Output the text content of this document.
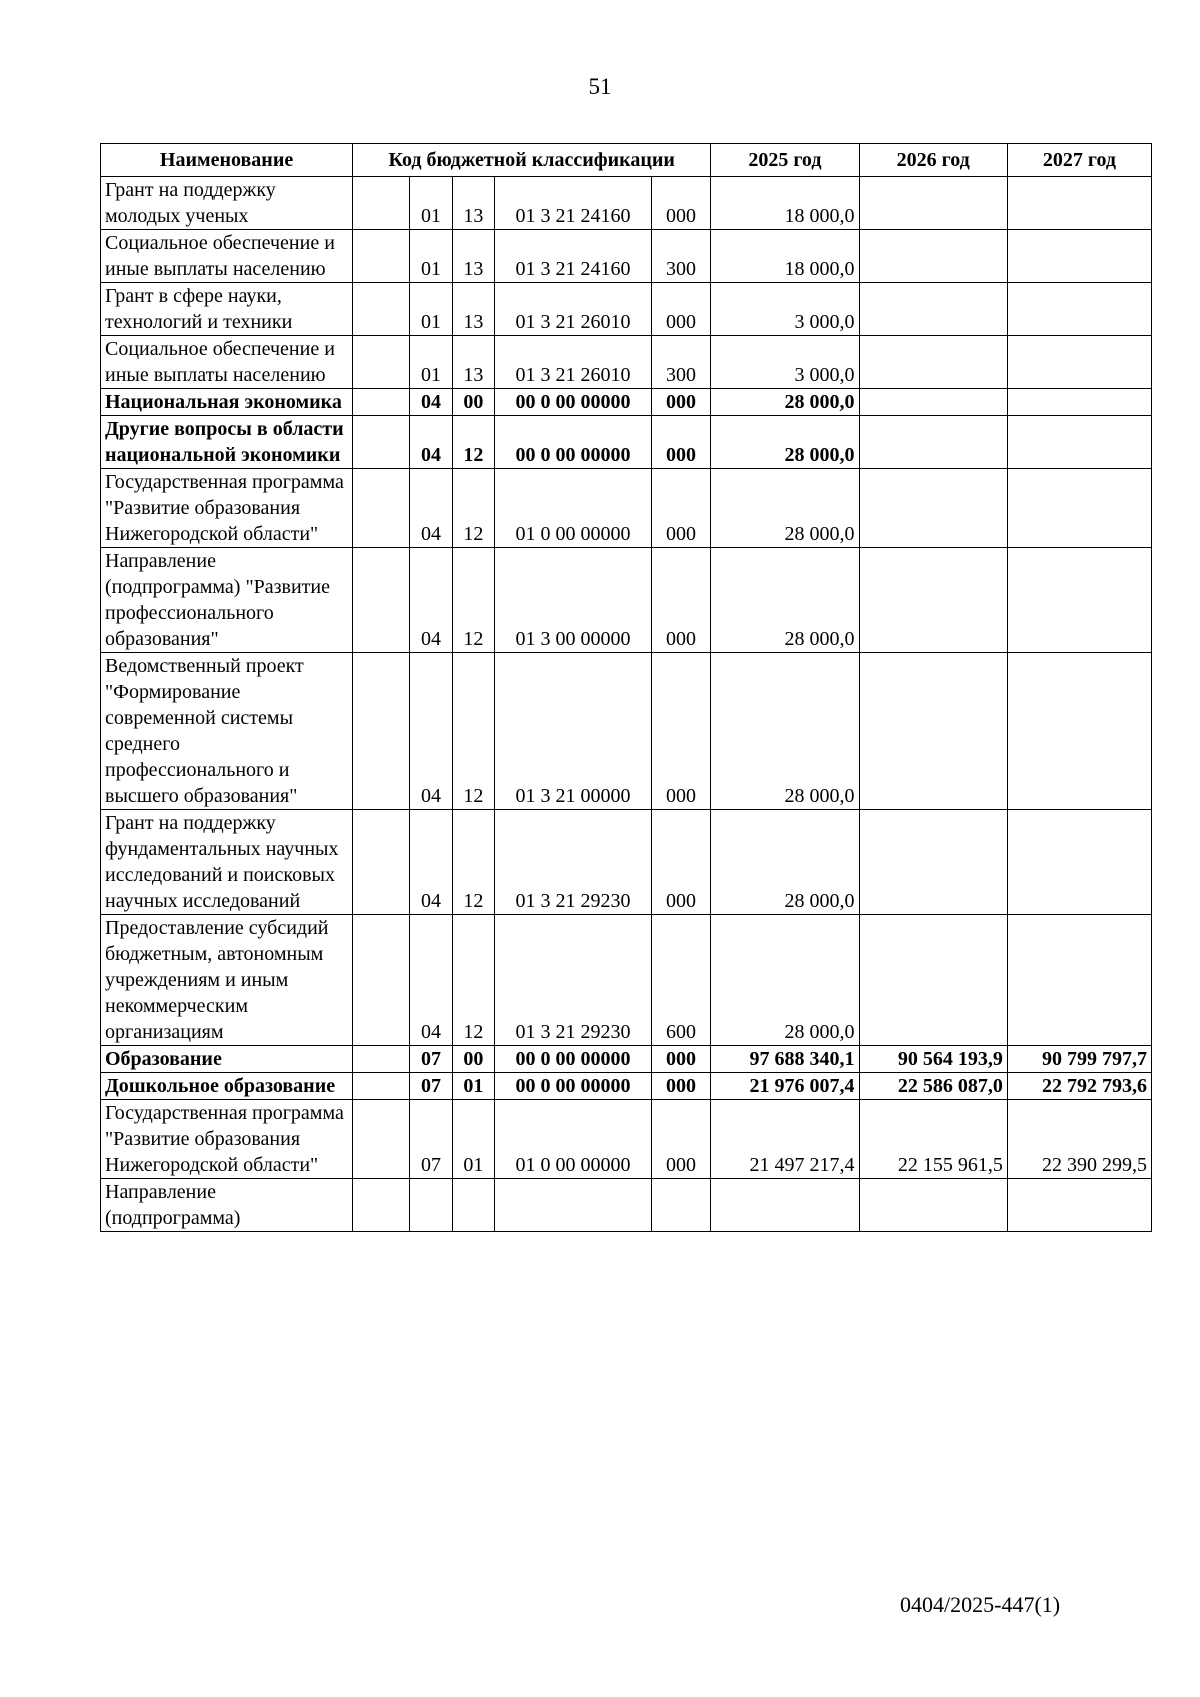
51
Наименование	Код бюджетной классификации					2025 год	2026 год	2027 год
Грант на поддержку молодых ученых		01	13	01 3 21 24160	000	18 000,0		
Социальное обеспечение и иные выплаты населению		01	13	01 3 21 24160	300	18 000,0		
Грант в сфере науки, технологий и техники		01	13	01 3 21 26010	000	3 000,0		
Социальное обеспечение и иные выплаты населению		01	13	01 3 21 26010	300	3 000,0		
Национальная экономика		04	00	00 0 00 00000	000	28 000,0		
Другие вопросы в области национальной экономики		04	12	00 0 00 00000	000	28 000,0		
Государственная программа "Развитие образования Нижегородской области"		04	12	01 0 00 00000	000	28 000,0		
Направление (подпрограмма) "Развитие профессионального образования"		04	12	01 3 00 00000	000	28 000,0		
Ведомственный проект "Формирование современной системы среднего профессионального и высшего образования"		04	12	01 3 21 00000	000	28 000,0		
Грант на поддержку фундаментальных научных исследований и поисковых научных исследований		04	12	01 3 21 29230	000	28 000,0		
Предоставление субсидий бюджетным, автономным учреждениям и иным некоммерческим организациям		04	12	01 3 21 29230	600	28 000,0		
Образование		07	00	00 0 00 00000	000	97 688 340,1	90 564 193,9	90 799 797,7
Дошкольное образование		07	01	00 0 00 00000	000	21 976 007,4	22 586 087,0	22 792 793,6
Государственная программа "Развитие образования Нижегородской области"		07	01	01 0 00 00000	000	21 497 217,4	22 155 961,5	22 390 299,5
Направление (подпрограмма)								
0404/2025-447(1)
